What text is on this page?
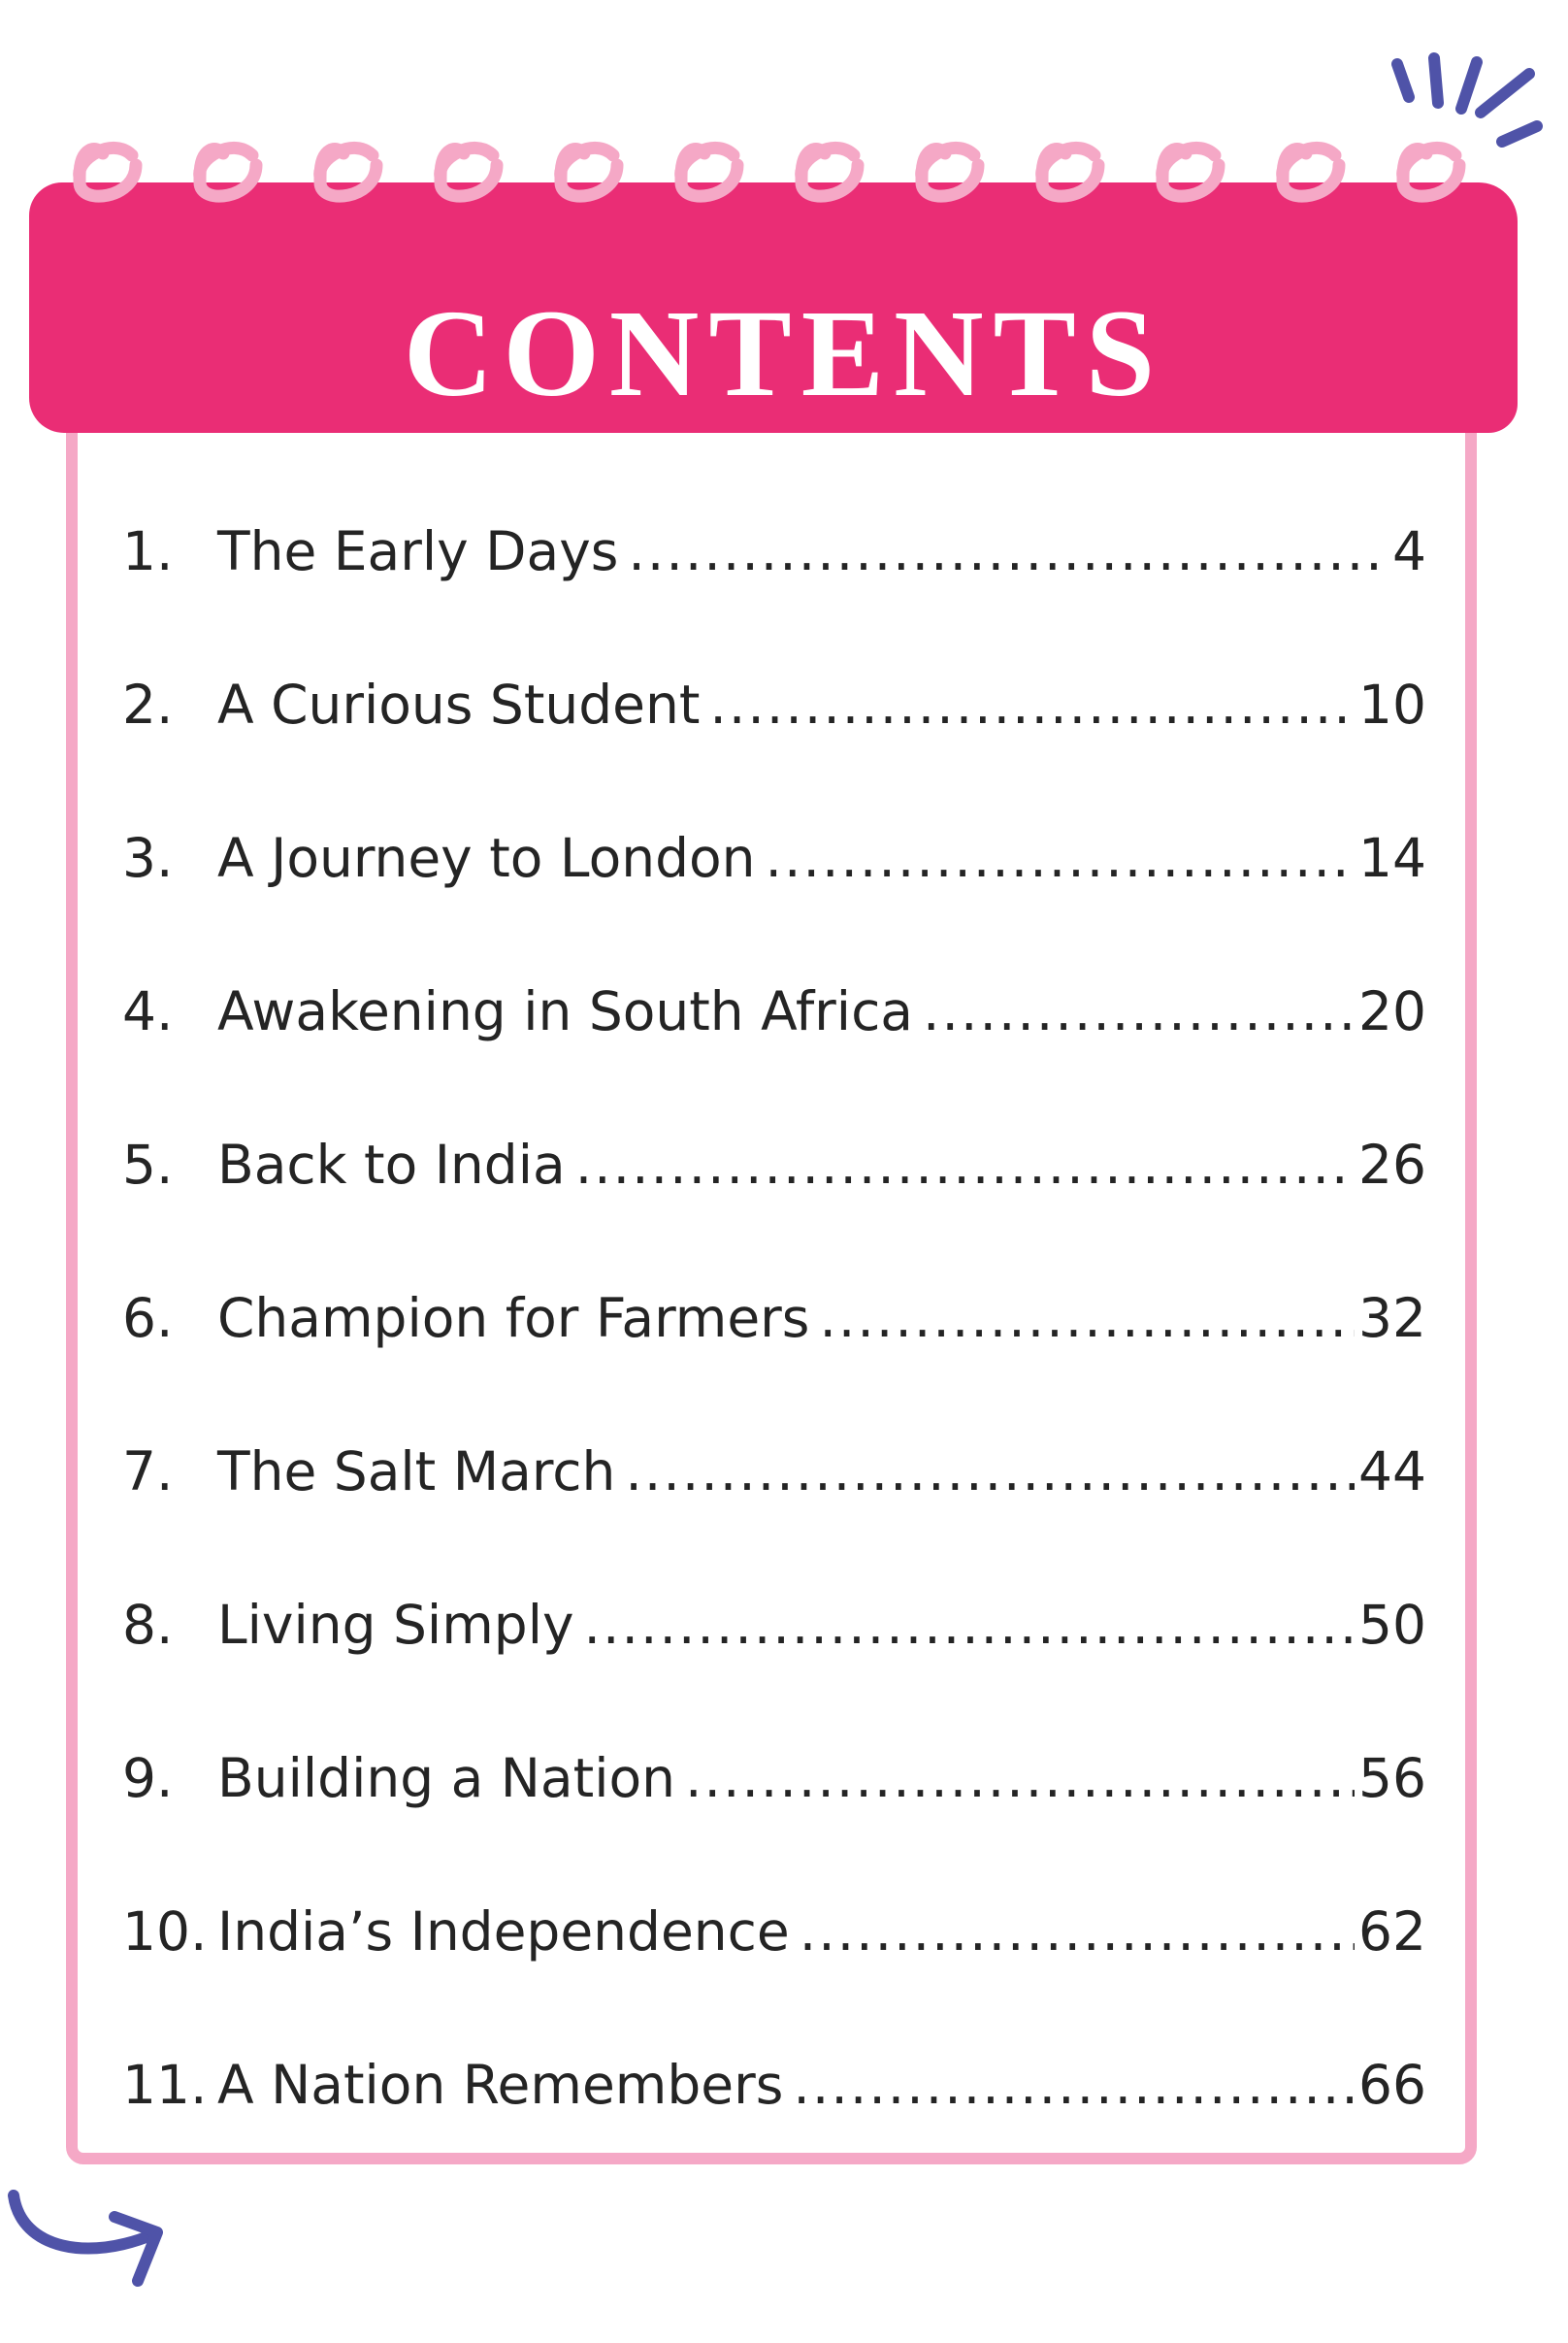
CONTENTS
1. The Early Days .....	4
2. A Curious Student .....	10
3. A Journey to London .....	14
4. Awakening in South Africa .....	20
5. Back to India .....	26
6. Champion for Farmers .....	32
7. The Salt March .....	44
8. Living Simply .....	50
9. Building a Nation .....	56
10. India’s Independence .....	62
11. A Nation Remembers .....	66
